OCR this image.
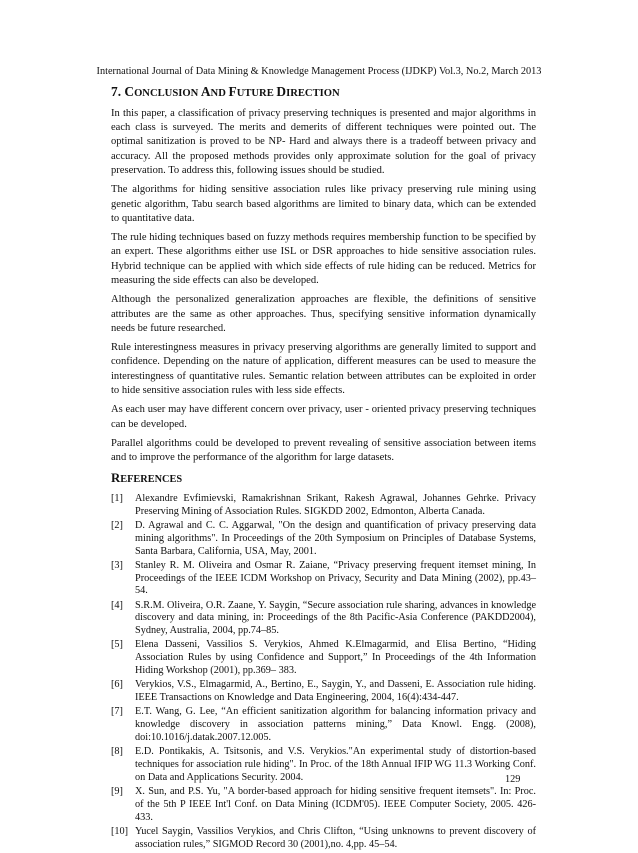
International Journal of Data Mining & Knowledge Management Process (IJDKP) Vol.3, No.2, March 2013
7. CONCLUSION AND FUTURE DIRECTION

In this paper, a classification of privacy preserving techniques is presented and major algorithms in each class is surveyed. The merits and demerits of different techniques were pointed out. The optimal sanitization is proved to be NP- Hard and always there is a tradeoff between privacy and accuracy. All the proposed methods provides only approximate solution for the goal of privacy preservation. To address this, following issues should be studied.

The algorithms for hiding sensitive association rules like privacy preserving rule mining using genetic algorithm, Tabu search based algorithms are limited to binary data, which can be extended to quantitative data.

The rule hiding techniques based on fuzzy methods requires membership function to be specified by an expert. These algorithms either use ISL or DSR approaches to hide sensitive association rules. Hybrid technique can be applied with which side effects of rule hiding can be reduced. Metrics for measuring the side effects can also be developed.

Although the personalized generalization approaches are flexible, the definitions of sensitive attributes are the same as other approaches. Thus, specifying sensitive information dynamically needs be future researched.

Rule interestingness measures in privacy preserving algorithms are generally limited to support and confidence. Depending on the nature of application, different measures can be used to measure the interestingness of quantitative rules. Semantic relation between attributes can be exploited in order to hide sensitive association rules with less side effects.

As each user may have different concern over privacy, user - oriented privacy preserving techniques can be developed.

Parallel algorithms could be developed to prevent revealing of sensitive association between items and to improve the performance of the algorithm for large datasets.

REFERENCES
[1] Alexandre Evfimievski, Ramakrishnan Srikant, Rakesh Agrawal, Johannes Gehrke. Privacy Preserving Mining of Association Rules. SIGKDD 2002, Edmonton, Alberta Canada.
[2] D. Agrawal and C. C. Aggarwal, "On the design and quantification of privacy preserving data mining algorithms". In Proceedings of the 20th Symposium on Principles of Database Systems, Santa Barbara, California, USA, May, 2001.
[3] Stanley R. M. Oliveira and Osmar R. Zaiane, “Privacy preserving frequent itemset mining, In Proceedings of the IEEE ICDM Workshop on Privacy, Security and Data Mining (2002), pp.43–54.
[4] S.R.M. Oliveira, O.R. Zaane, Y. Saygin, “Secure association rule sharing, advances in knowledge discovery and data mining, in: Proceedings of the 8th Pacific-Asia Conference (PAKDD2004), Sydney, Australia, 2004, pp.74–85.
[5] Elena Dasseni, Vassilios S. Verykios, Ahmed K.Elmagarmid, and Elisa Bertino, “Hiding Association Rules by using Confidence and Support,” In Proceedings of the 4th Information Hiding Workshop (2001), pp.369– 383.
[6] Verykios, V.S., Elmagarmid, A., Bertino, E., Saygin, Y., and Dasseni, E. Association rule hiding. IEEE Transactions on Knowledge and Data Engineering, 2004, 16(4):434-447.
[7] E.T. Wang, G. Lee, “An efficient sanitization algorithm for balancing information privacy and knowledge discovery in association patterns mining,” Data Knowl. Engg. (2008), doi:10.1016/j.datak.2007.12.005.
[8] E.D. Pontikakis, A. Tsitsonis, and V.S. Verykios."An experimental study of distortion-based techniques for association rule hiding". In Proc. of the 18th Annual IFIP WG 11.3 Working Conf. on Data and Applications Security. 2004.
[9] X. Sun, and P.S. Yu, "A border-based approach for hiding sensitive frequent itemsets". In: Proc. of the 5th P IEEE Int'l Conf. on Data Mining (ICDM'05). IEEE Computer Society, 2005. 426-433.
[10] Yucel Saygin, Vassilios Verykios, and Chris Clifton, “Using unknowns to prevent discovery of association rules,” SIGMOD Record 30 (2001),no. 4,pp. 45–54.
129
